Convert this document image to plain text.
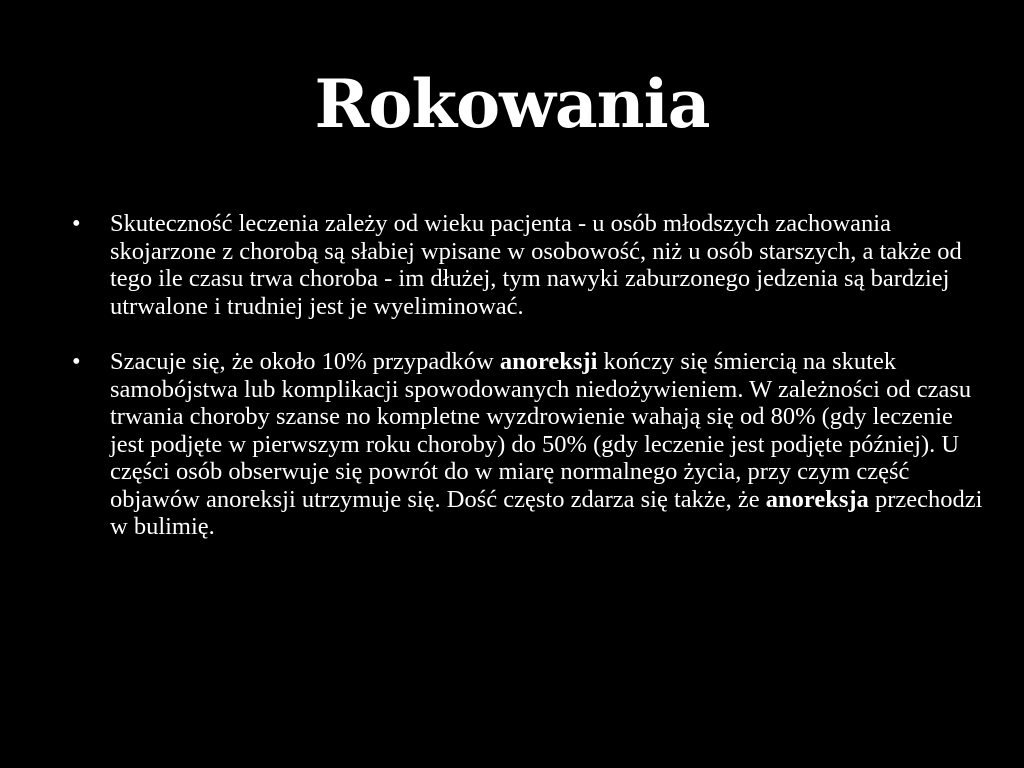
Rokowania
•	Skuteczność leczenia zależy od wieku pacjenta - u osób młodszych zachowania skojarzone z chorobą są słabiej wpisane w osobowość, niż u osób starszych, a także od tego ile czasu trwa choroba - im dłużej, tym nawyki zaburzonego jedzenia są bardziej utrwalone i trudniej jest je wyeliminować.
•	Szacuje się, że około 10% przypadków anoreksji kończy się śmiercią na skutek samobójstwa lub komplikacji spowodowanych niedożywieniem. W zależności od czasu trwania choroby szanse no kompletne wyzdrowienie wahają się od 80% (gdy leczenie jest podjęte w pierwszym roku choroby) do 50% (gdy leczenie jest podjęte później). U części osób obserwuje się powrót do w miarę normalnego życia, przy czym część objawów anoreksji utrzymuje się. Dość często zdarza się także, że anoreksja przechodzi w bulimię.
